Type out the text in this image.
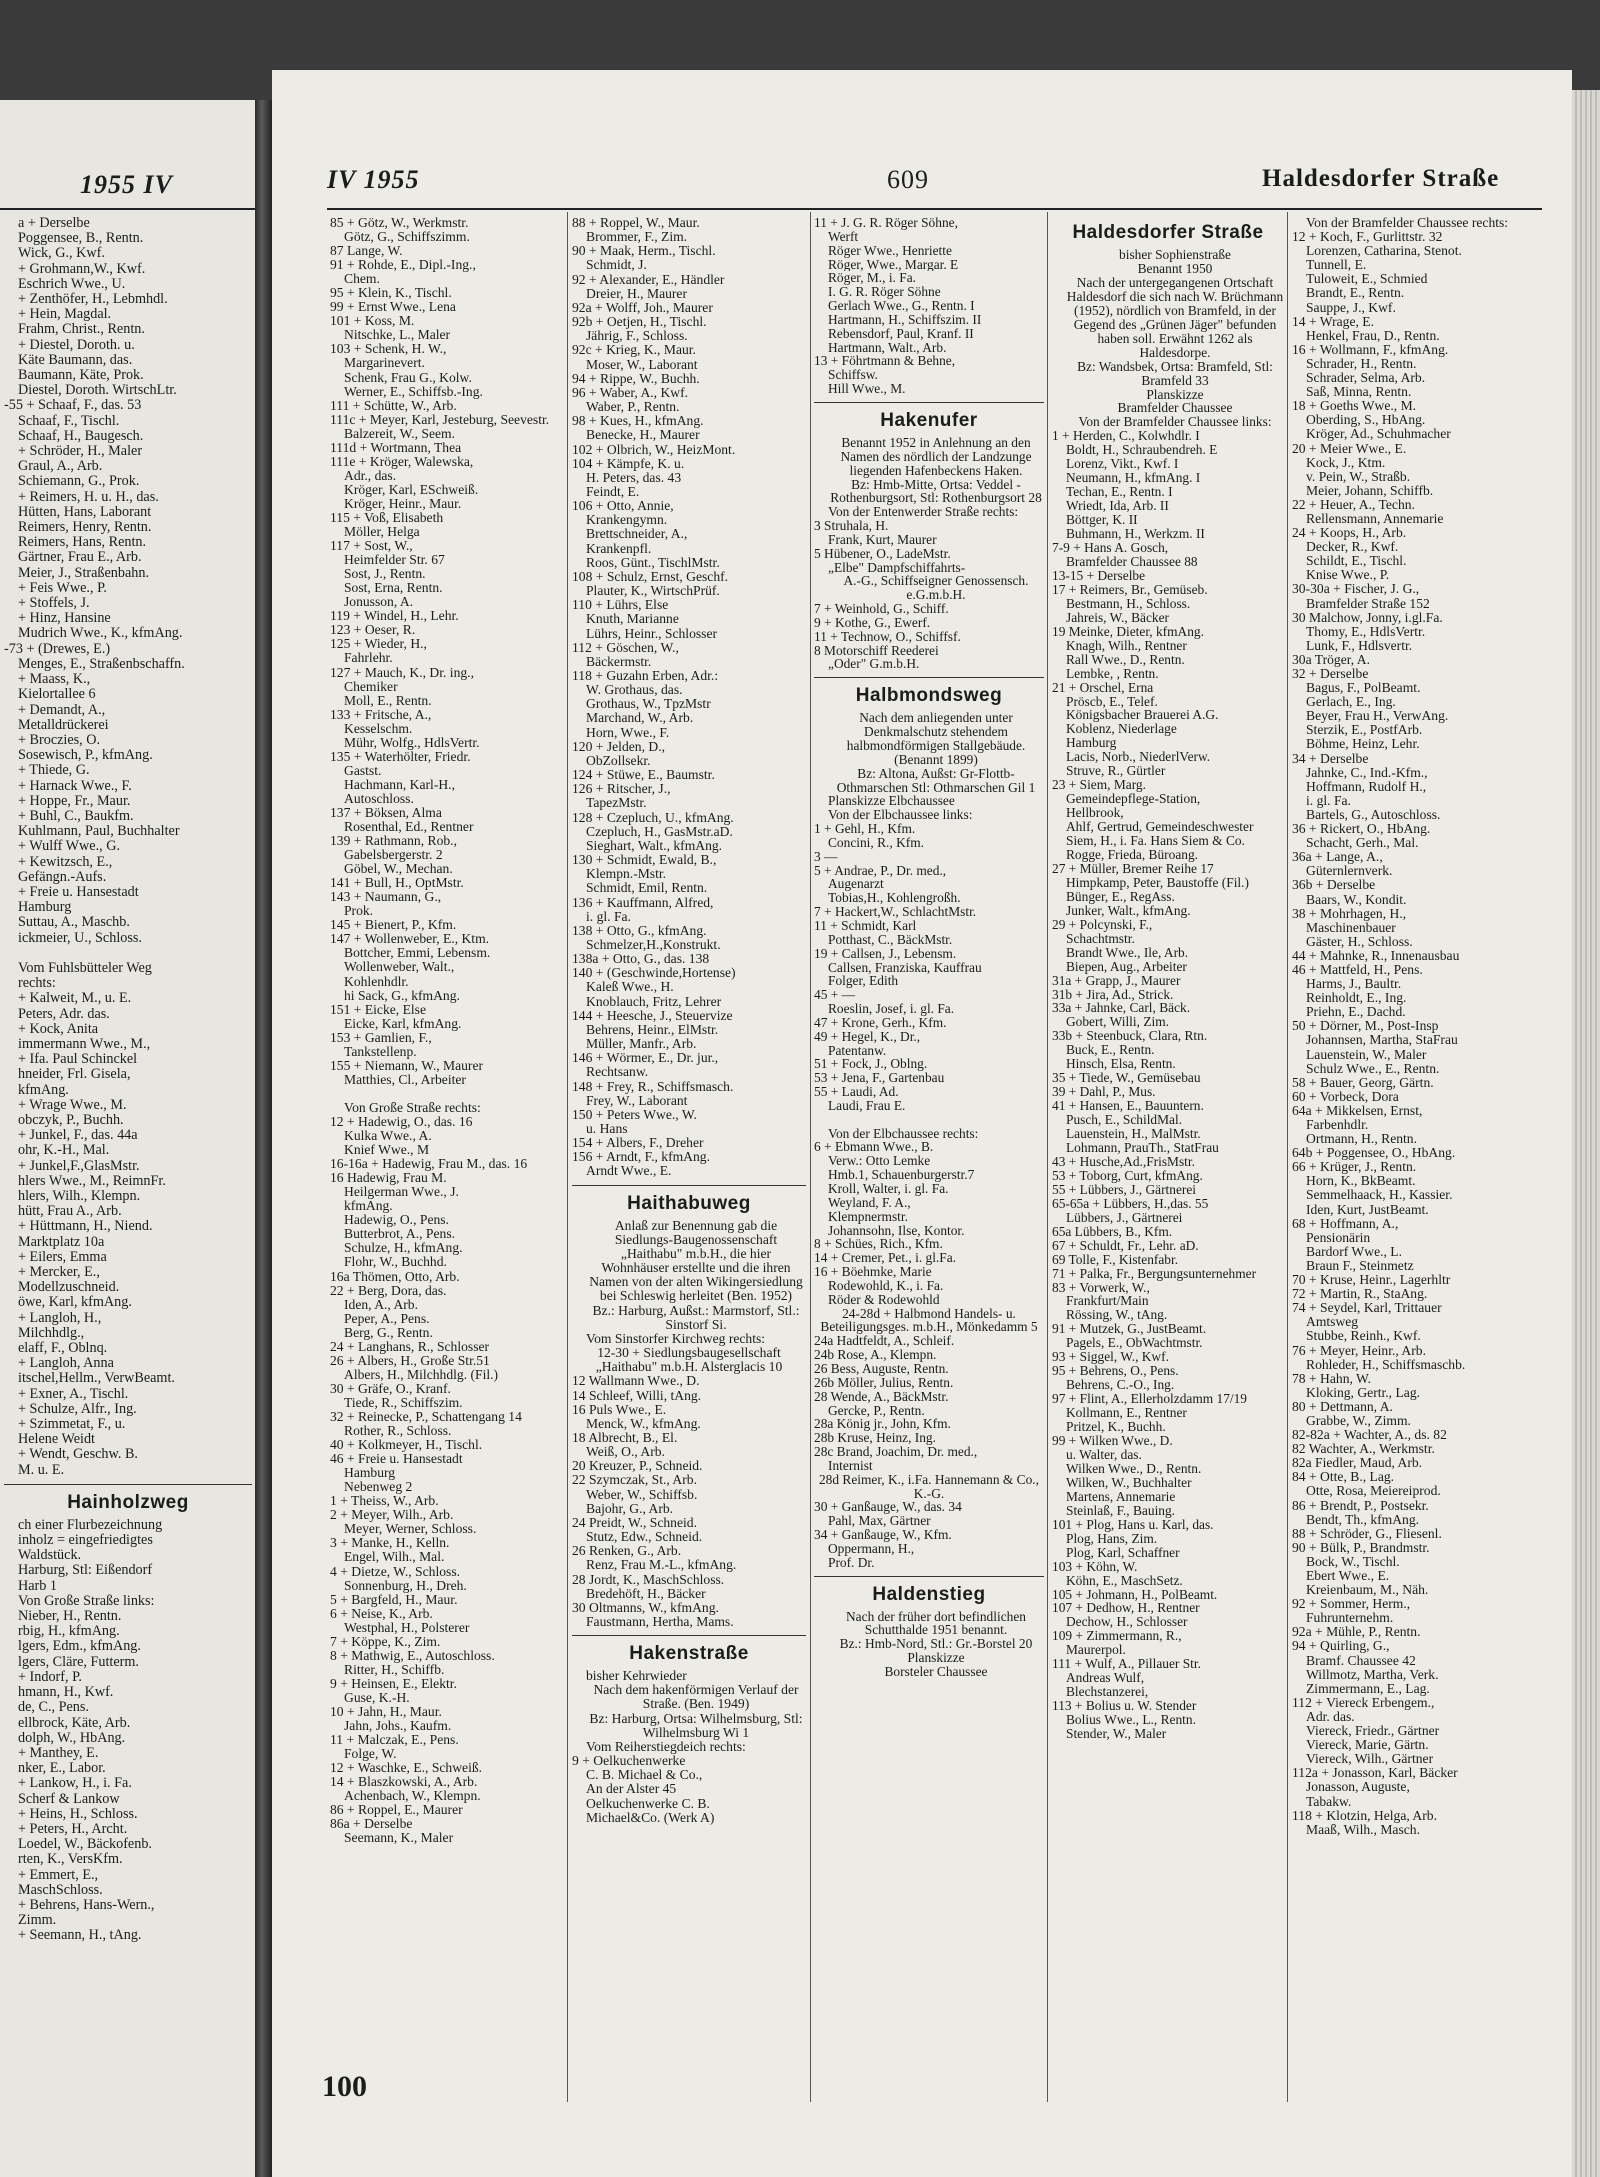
1955 IV
a + Derselbe
Poggensee, B., Rentn.
Wick, G., Kwf.
+ Grohmann,W., Kwf.
Eschrich Wwe., U.
+ Zenthöfer, H., Lebmhdl.
+ Hein, Magdal.
Frahm, Christ., Rentn.
+ Diestel, Doroth. u.
Käte Baumann, das.
Baumann, Käte, Prok.
Diestel, Doroth. WirtschLtr.
-55 + Schaaf, F., das. 53
Schaaf, F., Tischl.
Schaaf, H., Baugesch.
+ Schröder, H., Maler
Graul, A., Arb.
Schiemann, G., Prok.
+ Reimers, H. u. H., das.
Hütten, Hans, Laborant
Reimers, Henry, Rentn.
Reimers, Hans, Rentn.
Gärtner, Frau E., Arb.
Meier, J., Straßenbahn.
+ Feis Wwe., P.
+ Stoffels, J.
+ Hinz, Hansine
Mudrich Wwe., K., kfmAng.
-73 + (Drewes, E.)
Menges, E., Straßenbschaffn.
+ Maass, K.,
Kielortallee 6
+ Demandt, A.,
Metalldrückerei
+ Broczies, O.
Sosewisch, P., kfmAng.
+ Thiede, G.
+ Harnack Wwe., F.
+ Hoppe, Fr., Maur.
+ Buhl, C., Baukfm.
Kuhlmann, Paul, Buchhalter
+ Wulff Wwe., G.
+ Kewitzsch, E.,
Gefängn.-Aufs.
+ Freie u. Hansestadt
Hamburg
Suttau, A., Maschb.
ickmeier, U., Schloss.

Vom Fuhlsbütteler Weg
rechts:
+ Kalweit, M., u. E.
Peters, Adr. das.
+ Kock, Anita
immermann Wwe., M.,
+ Ifa. Paul Schinckel
hneider, Frl. Gisela,
kfmAng.
+ Wrage Wwe., M.
obczyk, P., Buchh.
+ Junkel, F., das. 44a
ohr, K.-H., Mal.
+ Junkel,F.,GlasMstr.
hlers Wwe., M., ReimnFr.
hlers, Wilh., Klempn.
hütt, Frau A., Arb.
+ Hüttmann, H., Niend.
Marktplatz 10a
+ Eilers, Emma
+ Mercker, E.,
Modellzuschneid.
öwe, Karl, kfmAng.
+ Langloh, H.,
Milchhdlg.,
elaff, F., Oblnq.
+ Langloh, Anna
itschel,Hellm., VerwBeamt.
+ Exner, A., Tischl.
+ Schulze, Alfr., Ing.
+ Szimmetat, F., u.
Helene Weidt
+ Wendt, Geschw. B.
M. u. E.
Hainholzweg
ch einer Flurbezeichnung
inholz = eingefriedigtes
Waldstück.
Harburg, Stl: Eißendorf
Harb 1
Von Große Straße links:
Nieber, H., Rentn.
rbig, H., kfmAng.
lgers, Edm., kfmAng.
lgers, Cläre, Futterm.
+ Indorf, P.
hmann, H., Kwf.
de, C., Pens.
ellbrock, Käte, Arb.
dolph, W., HbAng.
+ Manthey, E.
nker, E., Labor.
+ Lankow, H., i. Fa.
Scherf & Lankow
+ Heins, H., Schloss.
+ Peters, H., Archt.
Loedel, W., Bäckofenb.
rten, K., VersKfm.
+ Emmert, E.,
MaschSchloss.
+ Behrens, Hans-Wern.,
Zimm.
+ Seemann, H., tAng.
IV 1955	609	Haldesdorfer Straße
85 + Götz, W., Werkmstr.
Götz, G., Schiffszimm.
87 Lange, W.
91 + Rohde, E., Dipl.-Ing.,
Chem.
95 + Klein, K., Tischl.
99 + Ernst Wwe., Lena
101 + Koss, M.
Nitschke, L., Maler
103 + Schenk, H. W.,
Margarinevert.
Schenk, Frau G., Kolw.
Werner, E., Schiffsb.-Ing.
111 + Schütte, W., Arb.
111c + Meyer, Karl, Jesteburg, Seevestr.
Balzereit, W., Seem.
111d + Wortmann, Thea
111e + Kröger, Walewska,
Adr., das.
Kröger, Karl, ESchweiß.
Kröger, Heinr., Maur.
115 + Voß, Elisabeth
Möller, Helga
117 + Sost, W.,
Heimfelder Str. 67
Sost, J., Rentn.
Sost, Erna, Rentn.
Jonusson, A.
119 + Windel, H., Lehr.
123 + Oeser, R.
125 + Wieder, H.,
Fahrlehr.
127 + Mauch, K., Dr. ing.,
Chemiker
Moll, E., Rentn.
133 + Fritsche, A.,
Kesselschm.
Mühr, Wolfg., HdlsVertr.
135 + Waterhölter, Friedr.
Gastst.
Hachmann, Karl-H.,
Autoschloss.
137 + Böksen, Alma
Rosenthal, Ed., Rentner
139 + Rathmann, Rob.,
Gabelsbergerstr. 2
Göbel, W., Mechan.
141 + Bull, H., OptMstr.
143 + Naumann, G.,
Prok.
145 + Bienert, P., Kfm.
147 + Wollenweber, E., Ktm.
Bottcher, Emmi, Lebensm.
Wollenweber, Walt.,
Kohlenhdlr.
hi Sack, G., kfmAng.
151 + Eicke, Else
Eicke, Karl, kfmAng.
153 + Gamlien, F.,
Tankstellenp.
155 + Niemann, W., Maurer
Matthies, Cl., Arbeiter

Von Große Straße rechts:
12 + Hadewig, O., das. 16
Kulka Wwe., A.
Knief Wwe., M
16-16a + Hadewig, Frau M., das. 16
16 Hadewig, Frau M.
Heilgerman Wwe., J.
kfmAng.
Hadewig, O., Pens.
Butterbrot, A., Pens.
Schulze, H., kfmAng.
Flohr, W., Buchhd.
16a Thömen, Otto, Arb.
22 + Berg, Dora, das.
Iden, A., Arb.
Peper, A., Pens.
Berg, G., Rentn.
24 + Langhans, R., Schlosser
26 + Albers, H., Große Str.51
Albers, H., Milchhdlg. (Fil.)
30 + Gräfe, O., Kranf.
Tiede, R., Schiffszim.
32 + Reinecke, P., Schattengang 14
Rother, R., Schloss.
40 + Kolkmeyer, H., Tischl.
46 + Freie u. Hansestadt
Hamburg
Nebenweg 2
1 + Theiss, W., Arb.
2 + Meyer, Wilh., Arb.
Meyer, Werner, Schloss.
3 + Manke, H., Kelln.
Engel, Wilh., Mal.
4 + Dietze, W., Schloss.
Sonnenburg, H., Dreh.
5 + Bargfeld, H., Maur.
6 + Neise, K., Arb.
Westphal, H., Polsterer
7 + Köppe, K., Zim.
8 + Mathwig, E., Autoschloss.
Ritter, H., Schiffb.
9 + Heinsen, E., Elektr.
Guse, K.-H.
10 + Jahn, H., Maur.
Jahn, Johs., Kaufm.
11 + Malczak, E., Pens.
Folge, W.
12 + Waschke, E., Schweiß.
14 + Blaszkowski, A., Arb.
Achenbach, W., Klempn.
86 + Roppel, E., Maurer
86a + Derselbe
Seemann, K., Maler
88 + Roppel, W., Maur.
Brommer, F., Zim.
90 + Maak, Herm., Tischl.
Schmidt, J.
92 + Alexander, E., Händler
Dreier, H., Maurer
92a + Wolff, Joh., Maurer
92b + Oetjen, H., Tischl.
Jährig, F., Schloss.
92c + Krieg, K., Maur.
Moser, W., Laborant
94 + Rippe, W., Buchh.
96 + Waber, A., Kwf.
Waber, P., Rentn.
98 + Kues, H., kfmAng.
Benecke, H., Maurer
102 + Olbrich, W., HeizMont.
104 + Kämpfe, K. u.
H. Peters, das. 43
Feindt, E.
106 + Otto, Annie,
Krankengymn.
Brettschneider, A.,
Krankenpfl.
Roos, Günt., TischlMstr.
108 + Schulz, Ernst, Geschf.
Plauter, K., WirtschPrüf.
110 + Lührs, Else
Knuth, Marianne
Lührs, Heinr., Schlosser
112 + Göschen, W.,
Bäckermstr.
118 + Guzahn Erben, Adr.:
W. Grothaus, das.
Grothaus, W., TpzMstr
Marchand, W., Arb.
Horn, Wwe., F.
120 + Jelden, D.,
ObZollsekr.
124 + Stüwe, E., Baumstr.
126 + Ritscher, J.,
TapezMstr.
128 + Czepluch, U., kfmAng.
Czepluch, H., GasMstr.aD.
Sieghart, Walt., kfmAng.
130 + Schmidt, Ewald, B.,
Klempn.-Mstr.
Schmidt, Emil, Rentn.
136 + Kauffmann, Alfred,
i. gl. Fa.
138 + Otto, G., kfmAng.
Schmelzer,H.,Konstrukt.
138a + Otto, G., das. 138
140 + (Geschwinde,Hortense)
Kaleß Wwe., H.
Knoblauch, Fritz, Lehrer
144 + Heesche, J., Steuervize
Behrens, Heinr., ElMstr.
Müller, Manfr., Arb.
146 + Wörmer, E., Dr. jur.,
Rechtsanw.
148 + Frey, R., Schiffsmasch.
Frey, W., Laborant
150 + Peters Wwe., W.
u. Hans
154 + Albers, F., Dreher
156 + Arndt, F., kfmAng.
Arndt Wwe., E.
Haithabuweg
Anlaß zur Benennung gab die Siedlungs-Baugenossenschaft „Haithabu" m.b.H., die hier Wohnhäuser erstellte und die ihren Namen von der alten Wikingersiedlung bei Schleswig herleitet (Ben. 1952)
Bz.: Harburg, Außst.: Marmstorf, Stl.: Sinstorf Si.
Vom Sinstorfer Kirchweg rechts:
12-30 + Siedlungsbaugesellschaft „Haithabu" m.b.H. Alsterglacis 10
12 Wallmann Wwe., D.
14 Schleef, Willi, tAng.
16 Puls Wwe., E.
Menck, W., kfmAng.
18 Albrecht, B., El.
Weiß, O., Arb.
20 Kreuzer, P., Schneid.
22 Szymczak, St., Arb.
Weber, W., Schiffsb.
Bajohr, G., Arb.
24 Preidt, W., Schneid.
Stutz, Edw., Schneid.
26 Renken, G., Arb.
Renz, Frau M.-L., kfmAng.
28 Jordt, K., MaschSchloss.
Bredehöft, H., Bäcker
30 Oltmanns, W., kfmAng.
Faustmann, Hertha, Mams.
Hakenstraße
bisher Kehrwieder
Nach dem hakenförmigen Verlauf der Straße. (Ben. 1949)
Bz: Harburg, Ortsa: Wilhelmsburg, Stl: Wilhelmsburg Wi 1
Vom Reiherstiegdeich rechts:
9 + Oelkuchenwerke
C. B. Michael & Co.,
An der Alster 45
Oelkuchenwerke C. B.
Michael&Co. (Werk A)
11 + J. G. R. Röger Söhne,
Werft
Röger Wwe., Henriette
Röger, Wwe., Margar. E
Röger, M., i. Fa.
I. G. R. Röger Söhne
Gerlach Wwe., G., Rentn. I
Hartmann, H., Schiffszim. II
Rebensdorf, Paul, Kranf. II
Hartmann, Walt., Arb.
13 + Föhrtmann & Behne,
Schiffsw.
Hill Wwe., M.
Hakenufer
Benannt 1952 in Anlehnung an den Namen des nördlich der Landzunge liegenden Hafenbeckens Haken.
Bz: Hmb-Mitte, Ortsa: Veddel - Rothenburgsort, Stl: Rothenburgsort 28
Von der Entenwerder Straße rechts:
3 Struhala, H.
Frank, Kurt, Maurer
5 Hübener, O., LadeMstr.
„Elbe" Dampfschiffahrts-
A.-G., Schiffseigner Genossensch. e.G.m.b.H.
7 + Weinhold, G., Schiff.
9 + Kothe, G., Ewerf.
11 + Technow, O., Schiffsf.
8 Motorschiff Reederei
„Oder" G.m.b.H.
Halbmondsweg
Nach dem anliegenden unter Denkmalschutz stehendem halbmondförmigen Stallgebäude. (Benannt 1899)
Bz: Altona, Außst: Gr-Flottb-Othmarschen Stl: Othmarschen Gil 1
Planskizze Elbchaussee
Von der Elbchaussee links:
1 + Gehl, H., Kfm.
Concini, R., Kfm.
3 —
5 + Andrae, P., Dr. med.,
Augenarzt
Tobias,H., Kohlengroßh.
7 + Hackert,W., SchlachtMstr.
11 + Schmidt, Karl
Potthast, C., BäckMstr.
19 + Callsen, J., Lebensm.
Callsen, Franziska, Kauffrau
Folger, Edith
45 + —
Roeslin, Josef, i. gl. Fa.
47 + Krone, Gerh., Kfm.
49 + Hegel, K., Dr.,
Patentanw.
51 + Fock, J., Oblng.
53 + Jena, F., Gartenbau
55 + Laudi, Ad.
Laudi, Frau E.

Von der Elbchaussee rechts:
6 + Ebmann Wwe., B.
Verw.: Otto Lemke
Hmb.1, Schauenburgerstr.7
Kroll, Walter, i. gl. Fa.
Weyland, F. A.,
Klempnermstr.
Johannsohn, Ilse, Kontor.
8 + Schües, Rich., Kfm.
14 + Cremer, Pet., i. gl.Fa.
16 + Böehmke, Marie
Rodewohld, K., i. Fa.
Röder & Rodewohld
24-28d + Halbmond Handels- u. Beteiligungsges. m.b.H., Mönkedamm 5
24a Hadtfeldt, A., Schleif.
24b Rose, A., Klempn.
26 Bess, Auguste, Rentn.
26b Möller, Julius, Rentn.
28 Wende, A., BäckMstr.
Gercke, P., Rentn.
28a König jr., John, Kfm.
28b Kruse, Heinz, Ing.
28c Brand, Joachim, Dr. med.,
Internist
28d Reimer, K., i.Fa. Hannemann & Co., K.-G.
30 + Ganßauge, W., das. 34
Pahl, Max, Gärtner
34 + Ganßauge, W., Kfm.
Oppermann, H.,
Prof. Dr.
Haldenstieg
Nach der früher dort befindlichen Schutthalde 1951 benannt.
Bz.: Hmb-Nord, Stl.: Gr.-Borstel 20
Planskizze
Borsteler Chaussee
Haldesdorfer Straße
bisher Sophienstraße
Benannt 1950
Nach der untergegangenen Ortschaft Haldesdorf die sich nach W. Brüchmann (1952), nördlich von Bramfeld, in der Gegend des „Grünen Jäger" befunden haben soll. Erwähnt 1262 als Haldesdorpe.
Bz: Wandsbek, Ortsa: Bramfeld, Stl: Bramfeld 33
Planskizze
Bramfelder Chaussee
Von der Bramfelder Chaussee links:
1 + Herden, C., Kolwhdlr. I
Boldt, H., Schraubendreh. E
Lorenz, Vikt., Kwf. I
Neumann, H., kfmAng. I
Techan, E., Rentn. I
Wriedt, Ida, Arb. II
Böttger, K. II
Buhmann, H., Werkzm. II
7-9 + Hans A. Gosch,
Bramfelder Chaussee 88
13-15 + Derselbe
17 + Reimers, Br., Gemüseb.
Bestmann, H., Schloss.
Jahreis, W., Bäcker
19 Meinke, Dieter, kfmAng.
Knagh, Wilh., Rentner
Rall Wwe., D., Rentn.
Lembke, , Rentn.
21 + Orschel, Erna
Pröscb, E., Telef.
Königsbacher Brauerei A.G.
Koblenz, Niederlage
Hamburg
Lacis, Norb., NiederlVerw.
Struve, R., Gürtler
23 + Siem, Marg.
Gemeindepflege-Station,
Hellbrook,
Ahlf, Gertrud, Gemeindeschwester
Siem, H., i. Fa. Hans Siem & Co.
Rogge, Frieda, Büroang.
27 + Müller, Bremer Reihe 17
Himpkamp, Peter, Baustoffe (Fil.)
Bünger, E., RegAss.
Junker, Walt., kfmAng.
29 + Polcynski, F.,
Schachtmstr.
Brandt Wwe., Ile, Arb.
Biepen, Aug., Arbeiter
31a + Grapp, J., Maurer
31b + Jira, Ad., Strick.
33a + Jahnke, Carl, Bäck.
Gobert, Willi, Zim.
33b + Steenbuck, Clara, Rtn.
Buck, E., Rentn.
Hinsch, Elsa, Rentn.
35 + Tiede, W., Gemüsebau
39 + Dahl, P., Mus.
41 + Hansen, E., Bauuntern.
Pusch, E., SchildMal.
Lauenstein, H., MalMstr.
Lohmann, PrauTh., StatFrau
43 + Husche,Ad.,FrisMstr.
53 + Toborg, Curt, kfmAng.
55 + Lübbers, J., Gärtnerei
65-65a + Lübbers, H.,das. 55
Lübbers, J., Gärtnerei
65a Lübbers, B., Kfm.
67 + Schuldt, Fr., Lehr. aD.
69 Tolle, F., Kistenfabr.
71 + Palka, Fr., Bergungsunternehmer
83 + Vorwerk, W.,
Frankfurt/Main
Rössing, W., tAng.
91 + Mutzek, G., JustBeamt.
Pagels, E., ObWachtmstr.
93 + Siggel, W., Kwf.
95 + Behrens, O., Pens.
Behrens, C.-O., Ing.
97 + Flint, A., Ellerholzdamm 17/19
Kollmann, E., Rentner
Pritzel, K., Buchh.
99 + Wilken Wwe., D.
u. Walter, das.
Wilken Wwe., D., Rentn.
Wilken, W., Buchhalter
Martens, Annemarie
Steinlaß, F., Bauing.
101 + Plog, Hans u. Karl, das.
Plog, Hans, Zim.
Plog, Karl, Schaffner
103 + Köhn, W.
Köhn, E., MaschSetz.
105 + Johmann, H., PolBeamt.
107 + Dedhow, H., Rentner
Dechow, H., Schlosser
109 + Zimmermann, R.,
Maurerpol.
111 + Wulf, A., Pillauer Str.
Andreas Wulf,
Blechstanzerei,
113 + Bolius u. W. Stender
Bolius Wwe., L., Rentn.
Stender, W., Maler
Von der Bramfelder Chaussee rechts:
12 + Koch, F., Gurlittstr. 32
Lorenzen, Catharina, Stenot.
Tunnell, E.
Tuloweit, E., Schmied
Brandt, E., Rentn.
Sauppe, J., Kwf.
14 + Wrage, E.
Henkel, Frau, D., Rentn.
16 + Wollmann, F., kfmAng.
Schrader, H., Rentn.
Schrader, Selma, Arb.
Saß, Minna, Rentn.
18 + Goeths Wwe., M.
Oberding, S., HbAng.
Kröger, Ad., Schuhmacher
20 + Meier Wwe., E.
Kock, J., Ktm.
v. Pein, W., Straßb.
Meier, Johann, Schiffb.
22 + Heuer, A., Techn.
Rellensmann, Annemarie
24 + Koops, H., Arb.
Decker, R., Kwf.
Schildt, E., Tischl.
Knise Wwe., P.
30-30a + Fischer, J. G.,
Bramfelder Straße 152
30 Malchow, Jonny, i.gl.Fa.
Thomy, E., HdlsVertr.
Lunk, F., Hdlsvertr.
30a Tröger, A.
32 + Derselbe
Bagus, F., PolBeamt.
Gerlach, E., Ing.
Beyer, Frau H., VerwAng.
Sterzik, E., PostfArb.
Böhme, Heinz, Lehr.
34 + Derselbe
Jahnke, C., Ind.-Kfm.,
Hoffmann, Rudolf H.,
i. gl. Fa.
Bartels, G., Autoschloss.
36 + Rickert, O., HbAng.
Schacht, Gerh., Mal.
36a + Lange, A.,
Güternlernverk.
36b + Derselbe
Baars, W., Kondit.
38 + Mohrhagen, H.,
Maschinenbauer
Gäster, H., Schloss.
44 + Mahnke, R., Innenausbau
46 + Mattfeld, H., Pens.
Harms, J., Baultr.
Reinholdt, E., Ing.
Priehn, E., Dachd.
50 + Dörner, M., Post-Insp
Johannsen, Martha, StaFrau
Lauenstein, W., Maler
Schulz Wwe., E., Rentn.
58 + Bauer, Georg, Gärtn.
60 + Vorbeck, Dora
64a + Mikkelsen, Ernst,
Farbenhdlr.
Ortmann, H., Rentn.
64b + Poggensee, O., HbAng.
66 + Krüger, J., Rentn.
Horn, K., BkBeamt.
Semmelhaack, H., Kassier.
Iden, Kurt, JustBeamt.
68 + Hoffmann, A.,
Pensionärin
Bardorf Wwe., L.
Braun F., Steinmetz
70 + Kruse, Heinr., Lagerhltr
72 + Martin, R., StaAng.
74 + Seydel, Karl, Trittauer
Amtsweg
Stubbe, Reinh., Kwf.
76 + Meyer, Heinr., Arb.
Rohleder, H., Schiffsmaschb.
78 + Hahn, W.
Kloking, Gertr., Lag.
80 + Dettmann, A.
Grabbe, W., Zimm.
82-82a + Wachter, A., ds. 82
82 Wachter, A., Werkmstr.
82a Fiedler, Maud, Arb.
84 + Otte, B., Lag.
Otte, Rosa, Meiereiprod.
86 + Brendt, P., Postsekr.
Bendt, Th., kfmAng.
88 + Schröder, G., Fliesenl.
90 + Bülk, P., Brandmstr.
Bock, W., Tischl.
Ebert Wwe., E.
Kreienbaum, M., Näh.
92 + Sommer, Herm.,
Fuhrunternehm.
92a + Mühle, P., Rentn.
94 + Quirling, G.,
Bramf. Chaussee 42
Willmotz, Martha, Verk.
Zimmermann, E., Lag.
112 + Viereck Erbengem.,
Adr. das.
Viereck, Friedr., Gärtner
Viereck, Marie, Gärtn.
Viereck, Wilh., Gärtner
112a + Jonasson, Karl, Bäcker
Jonasson, Auguste,
Tabakw.
118 + Klotzin, Helga, Arb.
Maaß, Wilh., Masch.
100
